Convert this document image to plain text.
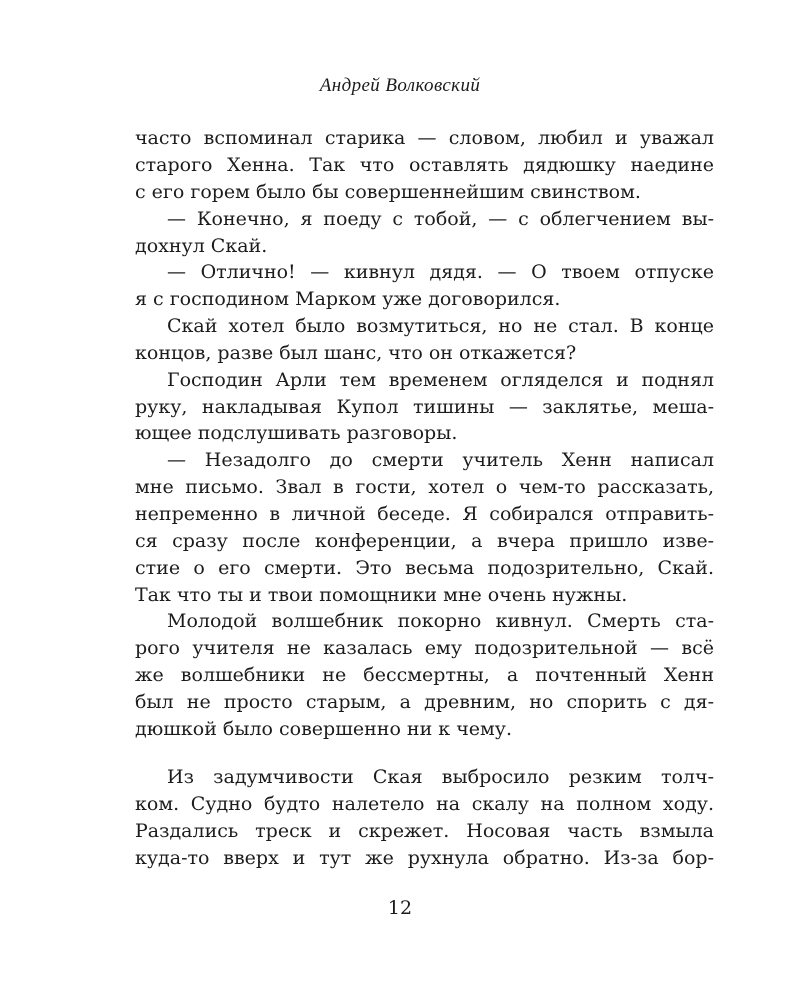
Андрей Волковский
часто вспоминал старика — словом, любил и уважал
старого Хенна. Так что оставлять дядюшку наедине
с его горем было бы совершеннейшим свинством.
— Конечно, я поеду с тобой, — с облегчением вы-
дохнул Скай.
— Отлично! — кивнул дядя. — О твоем отпуске
я с господином Марком уже договорился.
Скай хотел было возмутиться, но не стал. В конце
концов, разве был шанс, что он откажется?
Господин Арли тем временем огляделся и поднял
руку, накладывая Купол тишины — заклятье, меша-
ющее подслушивать разговоры.
— Незадолго до смерти учитель Хенн написал
мне письмо. Звал в гости, хотел о чем-то рассказать,
непременно в личной беседе. Я собирался отправить-
ся сразу после конференции, а вчера пришло изве-
стие о его смерти. Это весьма подозрительно, Скай.
Так что ты и твои помощники мне очень нужны.
Молодой волшебник покорно кивнул. Смерть ста-
рого учителя не казалась ему подозрительной — всё
же волшебники не бессмертны, а почтенный Хенн
был не просто старым, а древним, но спорить с дя-
дюшкой было совершенно ни к чему.
Из задумчивости Ская выбросило резким толч-
ком. Судно будто налетело на скалу на полном ходу.
Раздались треск и скрежет. Носовая часть взмыла
куда-то вверх и тут же рухнула обратно. Из-за бор-
12
